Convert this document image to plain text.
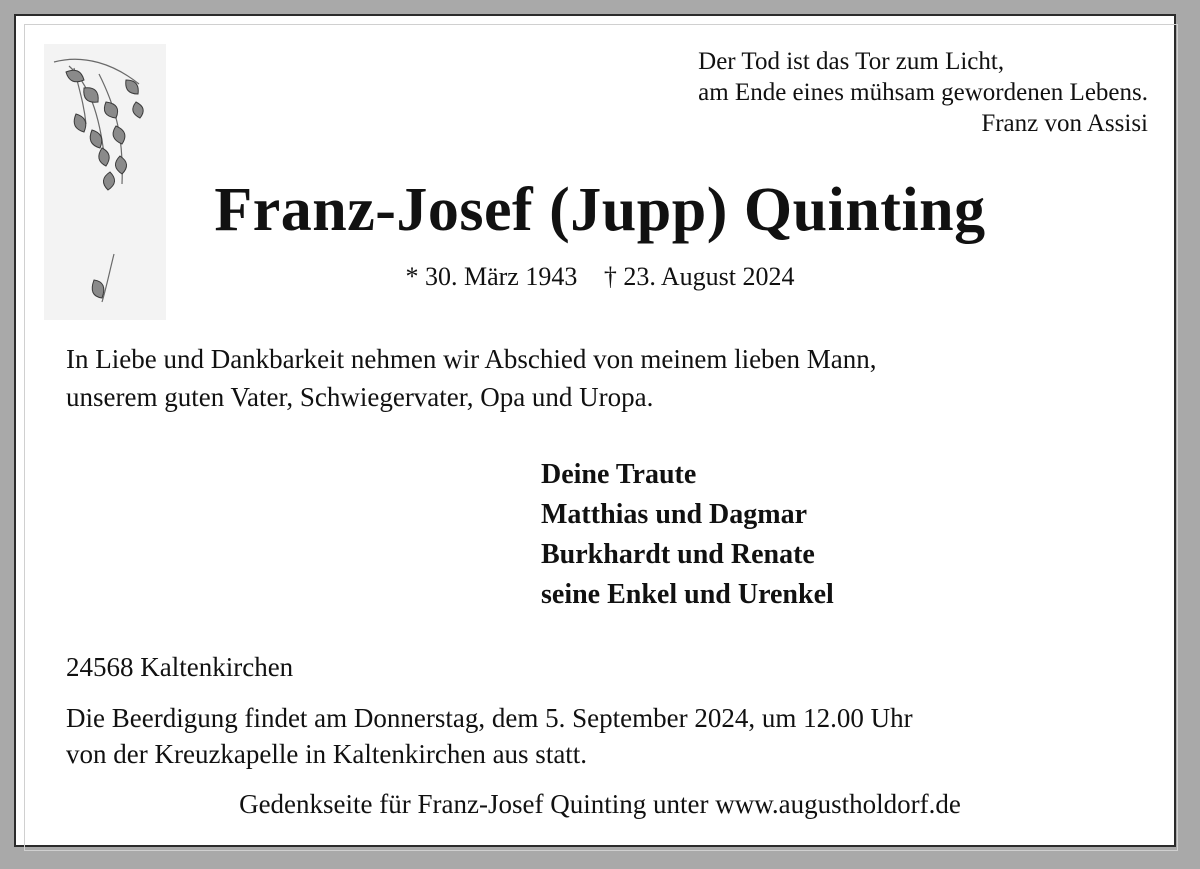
Der Tod ist das Tor zum Licht,
am Ende eines mühsam gewordenen Lebens.
Franz von Assisi
Franz-Josef (Jupp) Quinting
* 30. März 1943 † 23. August 2024
In Liebe und Dankbarkeit nehmen wir Abschied von meinem lieben Mann,
unserem guten Vater, Schwiegervater, Opa und Uropa.
Deine Traute
Matthias und Dagmar
Burkhardt und Renate
seine Enkel und Urenkel
24568 Kaltenkirchen
Die Beerdigung findet am Donnerstag, dem 5. September 2024, um 12.00 Uhr
von der Kreuzkapelle in Kaltenkirchen aus statt.
Gedenkseite für Franz-Josef Quinting unter www.augustholdorf.de
